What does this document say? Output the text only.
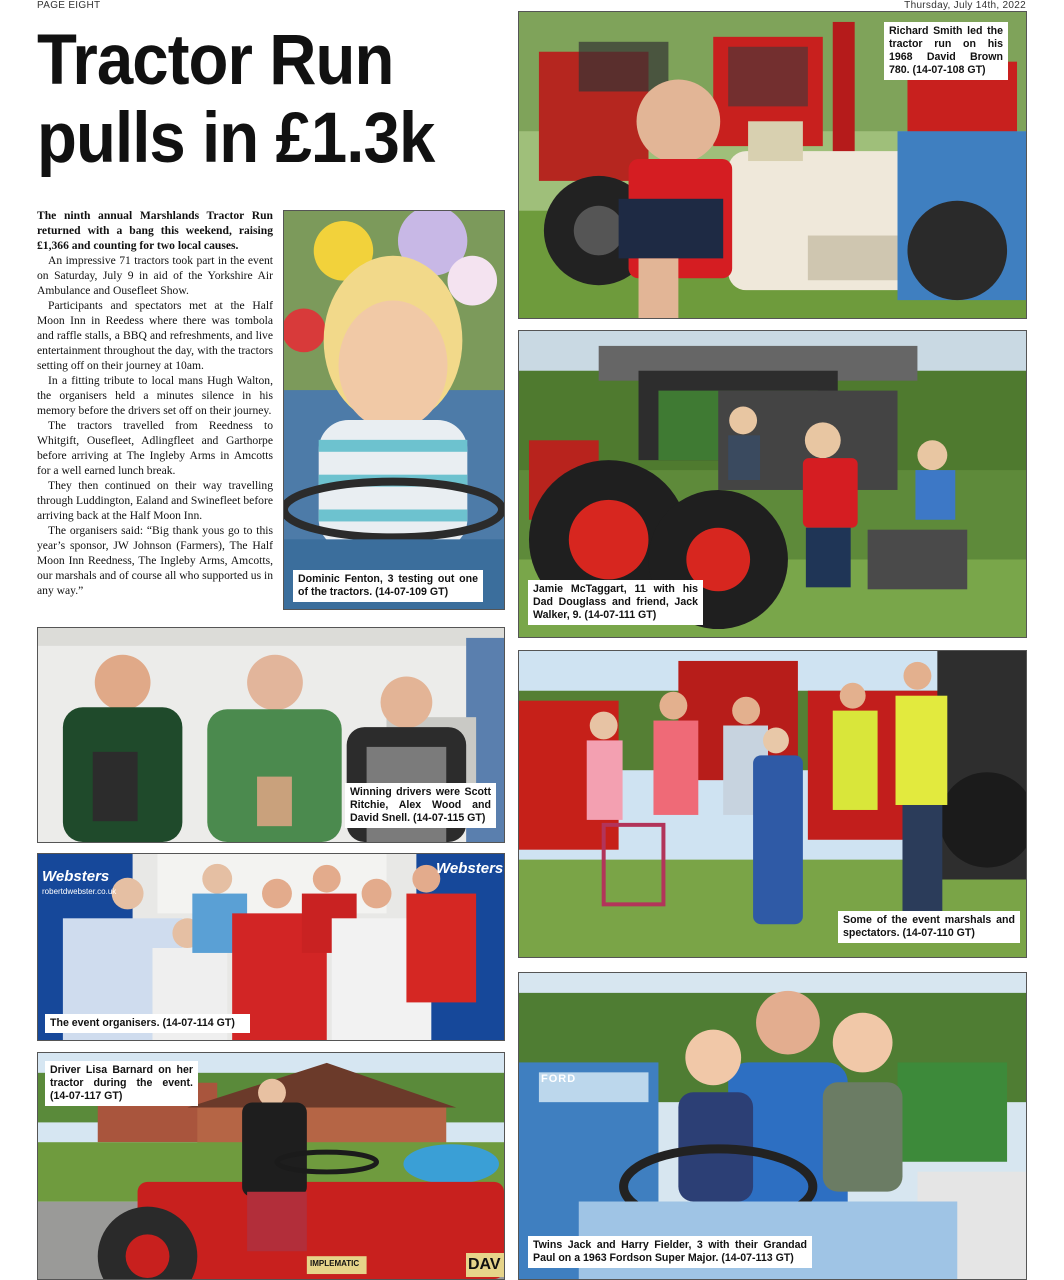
PAGE EIGHT	Thursday, July 14th, 2022
Tractor Run
pulls in £1.3k

The ninth annual Marshlands Tractor Run returned with a bang this weekend, raising £1,366 and counting for two local causes.

An impressive 71 tractors took part in the event on Saturday, July 9 in aid of the Yorkshire Air Ambulance and Ousefleet Show.

Participants and spectators met at the Half Moon Inn in Reedess where there was tombola and raffle stalls, a BBQ and refreshments, and live entertainment throughout the day, with the tractors setting off on their journey at 10am.

In a fitting tribute to local mans Hugh Walton, the organisers held a minutes silence in his memory before the drivers set off on their journey.

The tractors travelled from Reedness to Whitgift, Ousefleet, Adlingfleet and Garthorpe before arriving at The Ingleby Arms in Amcotts for a well earned lunch break.

They then continued on their way travelling through Luddington, Ealand and Swinefleet before arriving back at the Half Moon Inn.

The organisers said: “Big thank yous go to this year’s sponsor, JW Johnson (Farmers), The Half Moon Inn Reedness, The Ingleby Arms, Amcotts, our marshals and of course all who supported us in any way.”

Richard Smith led the tractor run on his 1968 David Brown 780. (14-07-108 GT)
Dominic Fenton, 3 testing out one of the tractors. (14-07-109 GT)	Jamie McTaggart, 11 with his Dad Douglass and friend, Jack Walker, 9. (14-07-111 GT)
Winning drivers were Scott Ritchie, Alex Wood and David Snell. (14-07-115 GT)
Some of the event marshals and spectators. (14-07-110 GT)
Websters
robertdwebster.co.uk
Websters
The event organisers. (14-07-114 GT)
IMPLEMATIC	DAV
Driver Lisa Barnard on her tractor during the event. (14-07-117 GT)
FORD
Twins Jack and Harry Fielder, 3 with their Grandad Paul on a 1963 Fordson Super Major. (14-07-113 GT)
